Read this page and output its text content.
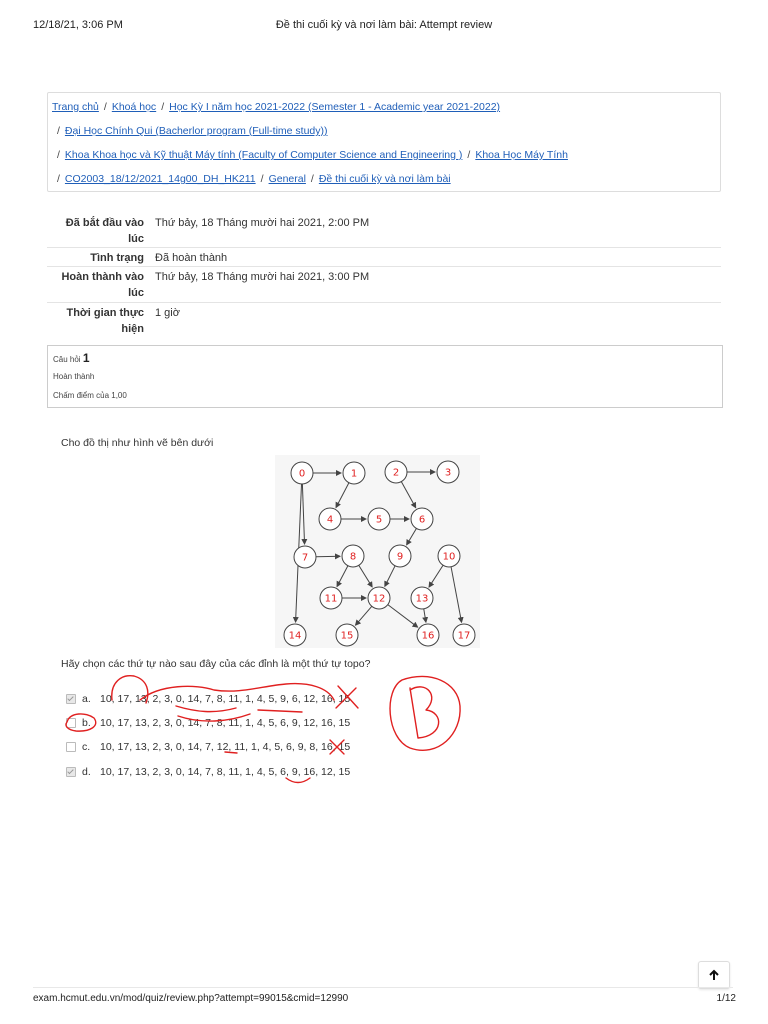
12/18/21, 3:06 PM	Đề thi cuối kỳ và nơi làm bài: Attempt review
Trang chủ / Khoá học / Học Kỳ I năm học 2021-2022 (Semester 1 - Academic year 2021-2022)
/ Đại Học Chính Qui (Bacherlor program (Full-time study))
/ Khoa Khoa học và Kỹ thuật Máy tính (Faculty of Computer Science and Engineering ) / Khoa Học Máy Tính
/ CO2003_18/12/2021_14g00_DH_HK211 / General / Đề thi cuối kỳ và nơi làm bài
Đã bắt đầu vào
lúc
Thứ bảy, 18 Tháng mười hai 2021, 2:00 PM
Tình trạng Đã hoàn thành
Hoàn thành vào
lúc
Thứ bảy, 18 Tháng mười hai 2021, 3:00 PM
Thời gian thực
hiện
1 giờ
Câu hỏi 1
Hoàn thành
Chấm điểm của 1,00
Cho đồ thị như hình vẽ bên dưới
0	1	2	3
4	5	6
7	8	9	10
11	12	13
14	15	16 17
Hãy chọn các thứ tự nào sau đây của các đỉnh là một thứ tự topo?
a. 10, 17, 13, 2, 3, 0, 14, 7, 8, 11, 1, 4, 5, 9, 6, 12, 16, 15
b. 10, 17, 13, 2, 3, 0, 14, 7, 8, 11, 1, 4, 5, 6, 9, 12, 16, 15
c. 10, 17, 13, 2, 3, 0, 14, 7, 12, 11, 1, 4, 5, 6, 9, 8, 16, 15
d. 10, 17, 13, 2, 3, 0, 14, 7, 8, 11, 1, 4, 5, 6, 9, 16, 12, 15
exam.hcmut.edu.vn/mod/quiz/review.php?attempt=99015&cmid=12990	1/12
